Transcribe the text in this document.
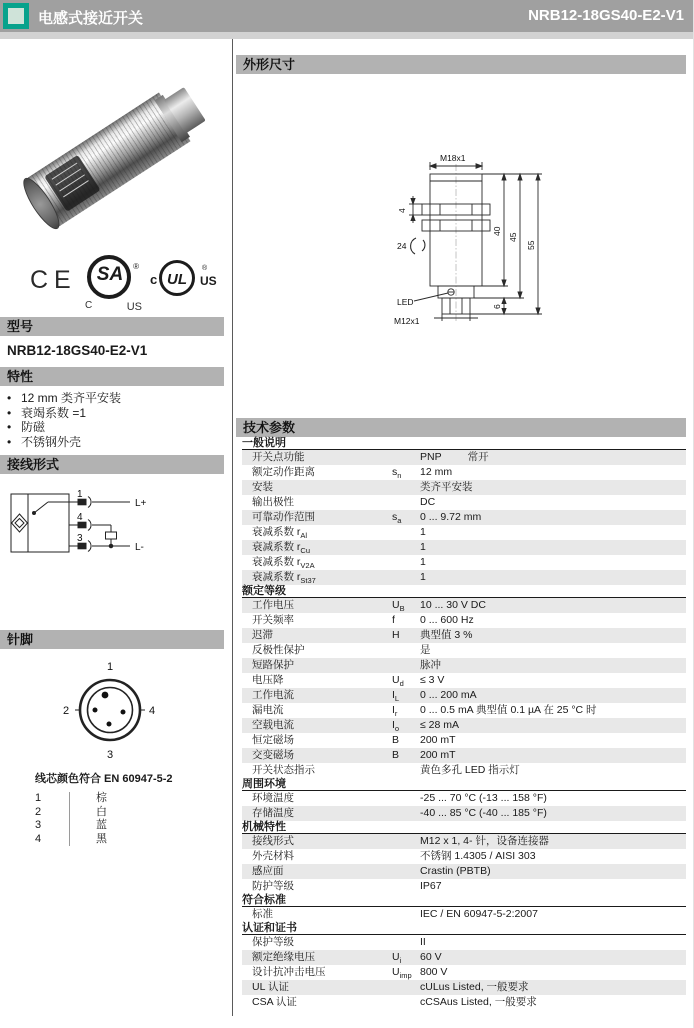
电感式接近开关	NRB12-18GS40-E2-V1
CE	SA	®
C	US
c UL
®
US
型号
NRB12-18GS40-E2-V1
特性
• 12 mm 类齐平安装
• 衰竭系数 =1
• 防磁
• 不锈钢外壳
接线形式
1
4
3
L+
L-
针脚
1
2	4
3
线芯颜色符合 EN 60947-5-2
1	棕
2	白
3	蓝
4	黑
外形尺寸
M18x1
4
24
LED
M12x1
40
45
55
6
技术参数
一般说明
开关点功能	PNP 常开
额定动作距离	$s_n$	12 mm
安装	类齐平安装
输出极性	DC
可靠动作范围	$s_a$	0 ... 9.72 mm
衰减系数 $r_{Al}$	1
衰减系数 $r_{Cu}$	1
衰减系数 $r_{V2A}$	1
衰减系数 $r_{St37}$	1
额定等级
工作电压	$U_B$	10 ... 30 V DC
开关频率	f	0 ... 600 Hz
迟滞	H	典型值 3 %
反极性保护	是
短路保护	脉冲
电压降	$U_d$	≤ 3 V
工作电流	$I_L$	0 ... 200 mA
漏电流	$I_r$	0 ... 0.5 mA 典型值 0.1 µA 在 25 °C 时
空载电流	$I_o$	≤ 28 mA
恒定磁场	B	200 mT
交变磁场	B	200 mT
开关状态指示	黄色多孔 LED 指示灯
周围环境
环境温度	-25 ... 70 °C (-13 ... 158 °F)
存储温度	-40 ... 85 °C (-40 ... 185 °F)
机械特性
接线形式	M12 x 1, 4- 针，设备连接器
外壳材料	不锈钢 1.4305 / AISI 303
感应面	Crastin (PBTB)
防护等级	IP67
符合标准
标准	IEC / EN 60947-5-2:2007
认证和证书
保护等级	II
额定绝缘电压	$U_i$	60 V
设计抗冲击电压	$U_{imp}$ 800 V
UL 认证	cULus Listed, 一般要求
CSA 认证	cCSAus Listed, 一般要求
